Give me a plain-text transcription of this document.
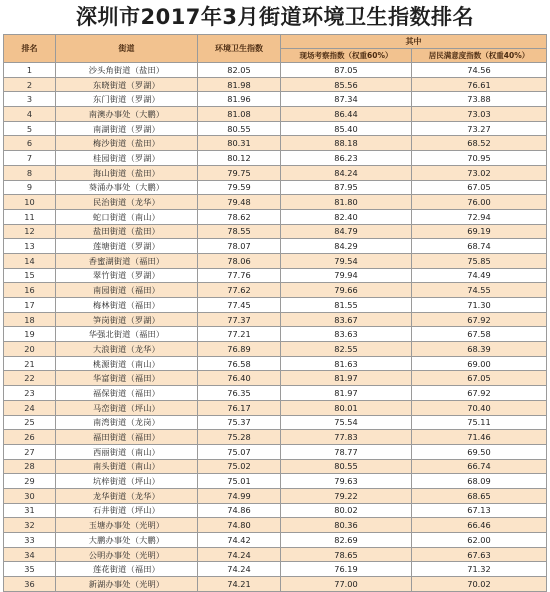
深圳市2017年3月街道环境卫生指数排名
排名	街道	环境卫生指数	其中	
			现场考察指数（权重60%）	居民满意度指数（权重40%）
1	沙头角街道（盐田）	82.05	87.05	74.56
2	东晓街道（罗湖）	81.98	85.56	76.61
3	东门街道（罗湖）	81.96	87.34	73.88
4	南澳办事处（大鹏）	81.08	86.44	73.03
5	南湖街道（罗湖）	80.55	85.40	73.27
6	梅沙街道（盐田）	80.31	88.18	68.52
7	桂园街道（罗湖）	80.12	86.23	70.95
8	海山街道（盐田）	79.75	84.24	73.02
9	葵涌办事处（大鹏）	79.59	87.95	67.05
10	民治街道（龙华）	79.48	81.80	76.00
11	蛇口街道（南山）	78.62	82.40	72.94
12	盐田街道（盐田）	78.55	84.79	69.19
13	莲塘街道（罗湖）	78.07	84.29	68.74
14	香蜜湖街道（福田）	78.06	79.54	75.85
15	翠竹街道（罗湖）	77.76	79.94	74.49
16	南园街道（福田）	77.62	79.66	74.55
17	梅林街道（福田）	77.45	81.55	71.30
18	笋岗街道（罗湖）	77.37	83.67	67.92
19	华强北街道（福田）	77.21	83.63	67.58
20	大浪街道（龙华）	76.89	82.55	68.39
21	桃源街道（南山）	76.58	81.63	69.00
22	华富街道（福田）	76.40	81.97	67.05
23	福保街道（福田）	76.35	81.97	67.92
24	马峦街道（坪山）	76.17	80.01	70.40
25	南湾街道（龙岗）	75.37	75.54	75.11
26	福田街道（福田）	75.28	77.83	71.46
27	西丽街道（南山）	75.07	78.77	69.50
28	南头街道（南山）	75.02	80.55	66.74
29	坑梓街道（坪山）	75.01	79.63	68.09
30	龙华街道（龙华）	74.99	79.22	68.65
31	石井街道（坪山）	74.86	80.02	67.13
32	玉塘办事处（光明）	74.80	80.36	66.46
33	大鹏办事处（大鹏）	74.42	82.69	62.00
34	公明办事处（光明）	74.24	78.65	67.63
35	莲花街道（福田）	74.24	76.19	71.32
36	新湖办事处（光明）	74.21	77.00	70.02
